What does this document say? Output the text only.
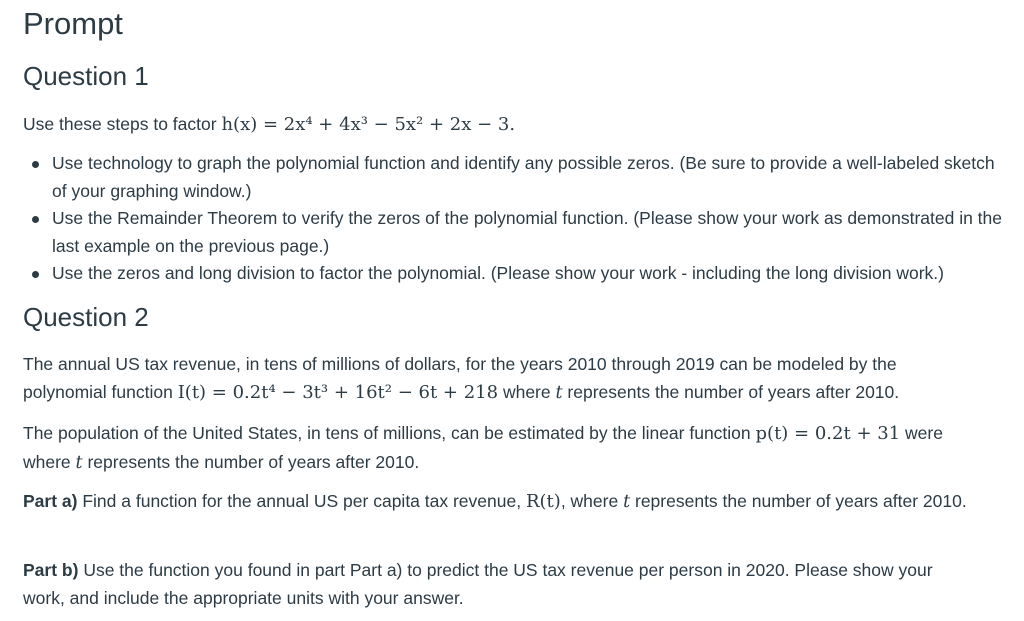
Prompt
Question 1

Use these steps to factor h(x) = 2x⁴ + 4x³ − 5x² + 2x − 3.

Use technology to graph the polynomial function and identify any possible zeros. (Be sure to provide a well-labeled sketch of your graphing window.)
Use the Remainder Theorem to verify the zeros of the polynomial function. (Please show your work as demonstrated in the last example on the previous page.)
Use the zeros and long division to factor the polynomial. (Please show your work - including the long division work.)
Question 2

The annual US tax revenue, in tens of millions of dollars, for the years 2010 through 2019 can be modeled by the polynomial function I(t) = 0.2t⁴ − 3t³ + 16t² − 6t + 218 where t represents the number of years after 2010.

The population of the United States, in tens of millions, can be estimated by the linear function p(t) = 0.2t + 31 were where t represents the number of years after 2010.

Part a) Find a function for the annual US per capita tax revenue, R(t), where t represents the number of years after 2010.

Part b) Use the function you found in part Part a) to predict the US tax revenue per person in 2020. Please show your work, and include the appropriate units with your answer.
